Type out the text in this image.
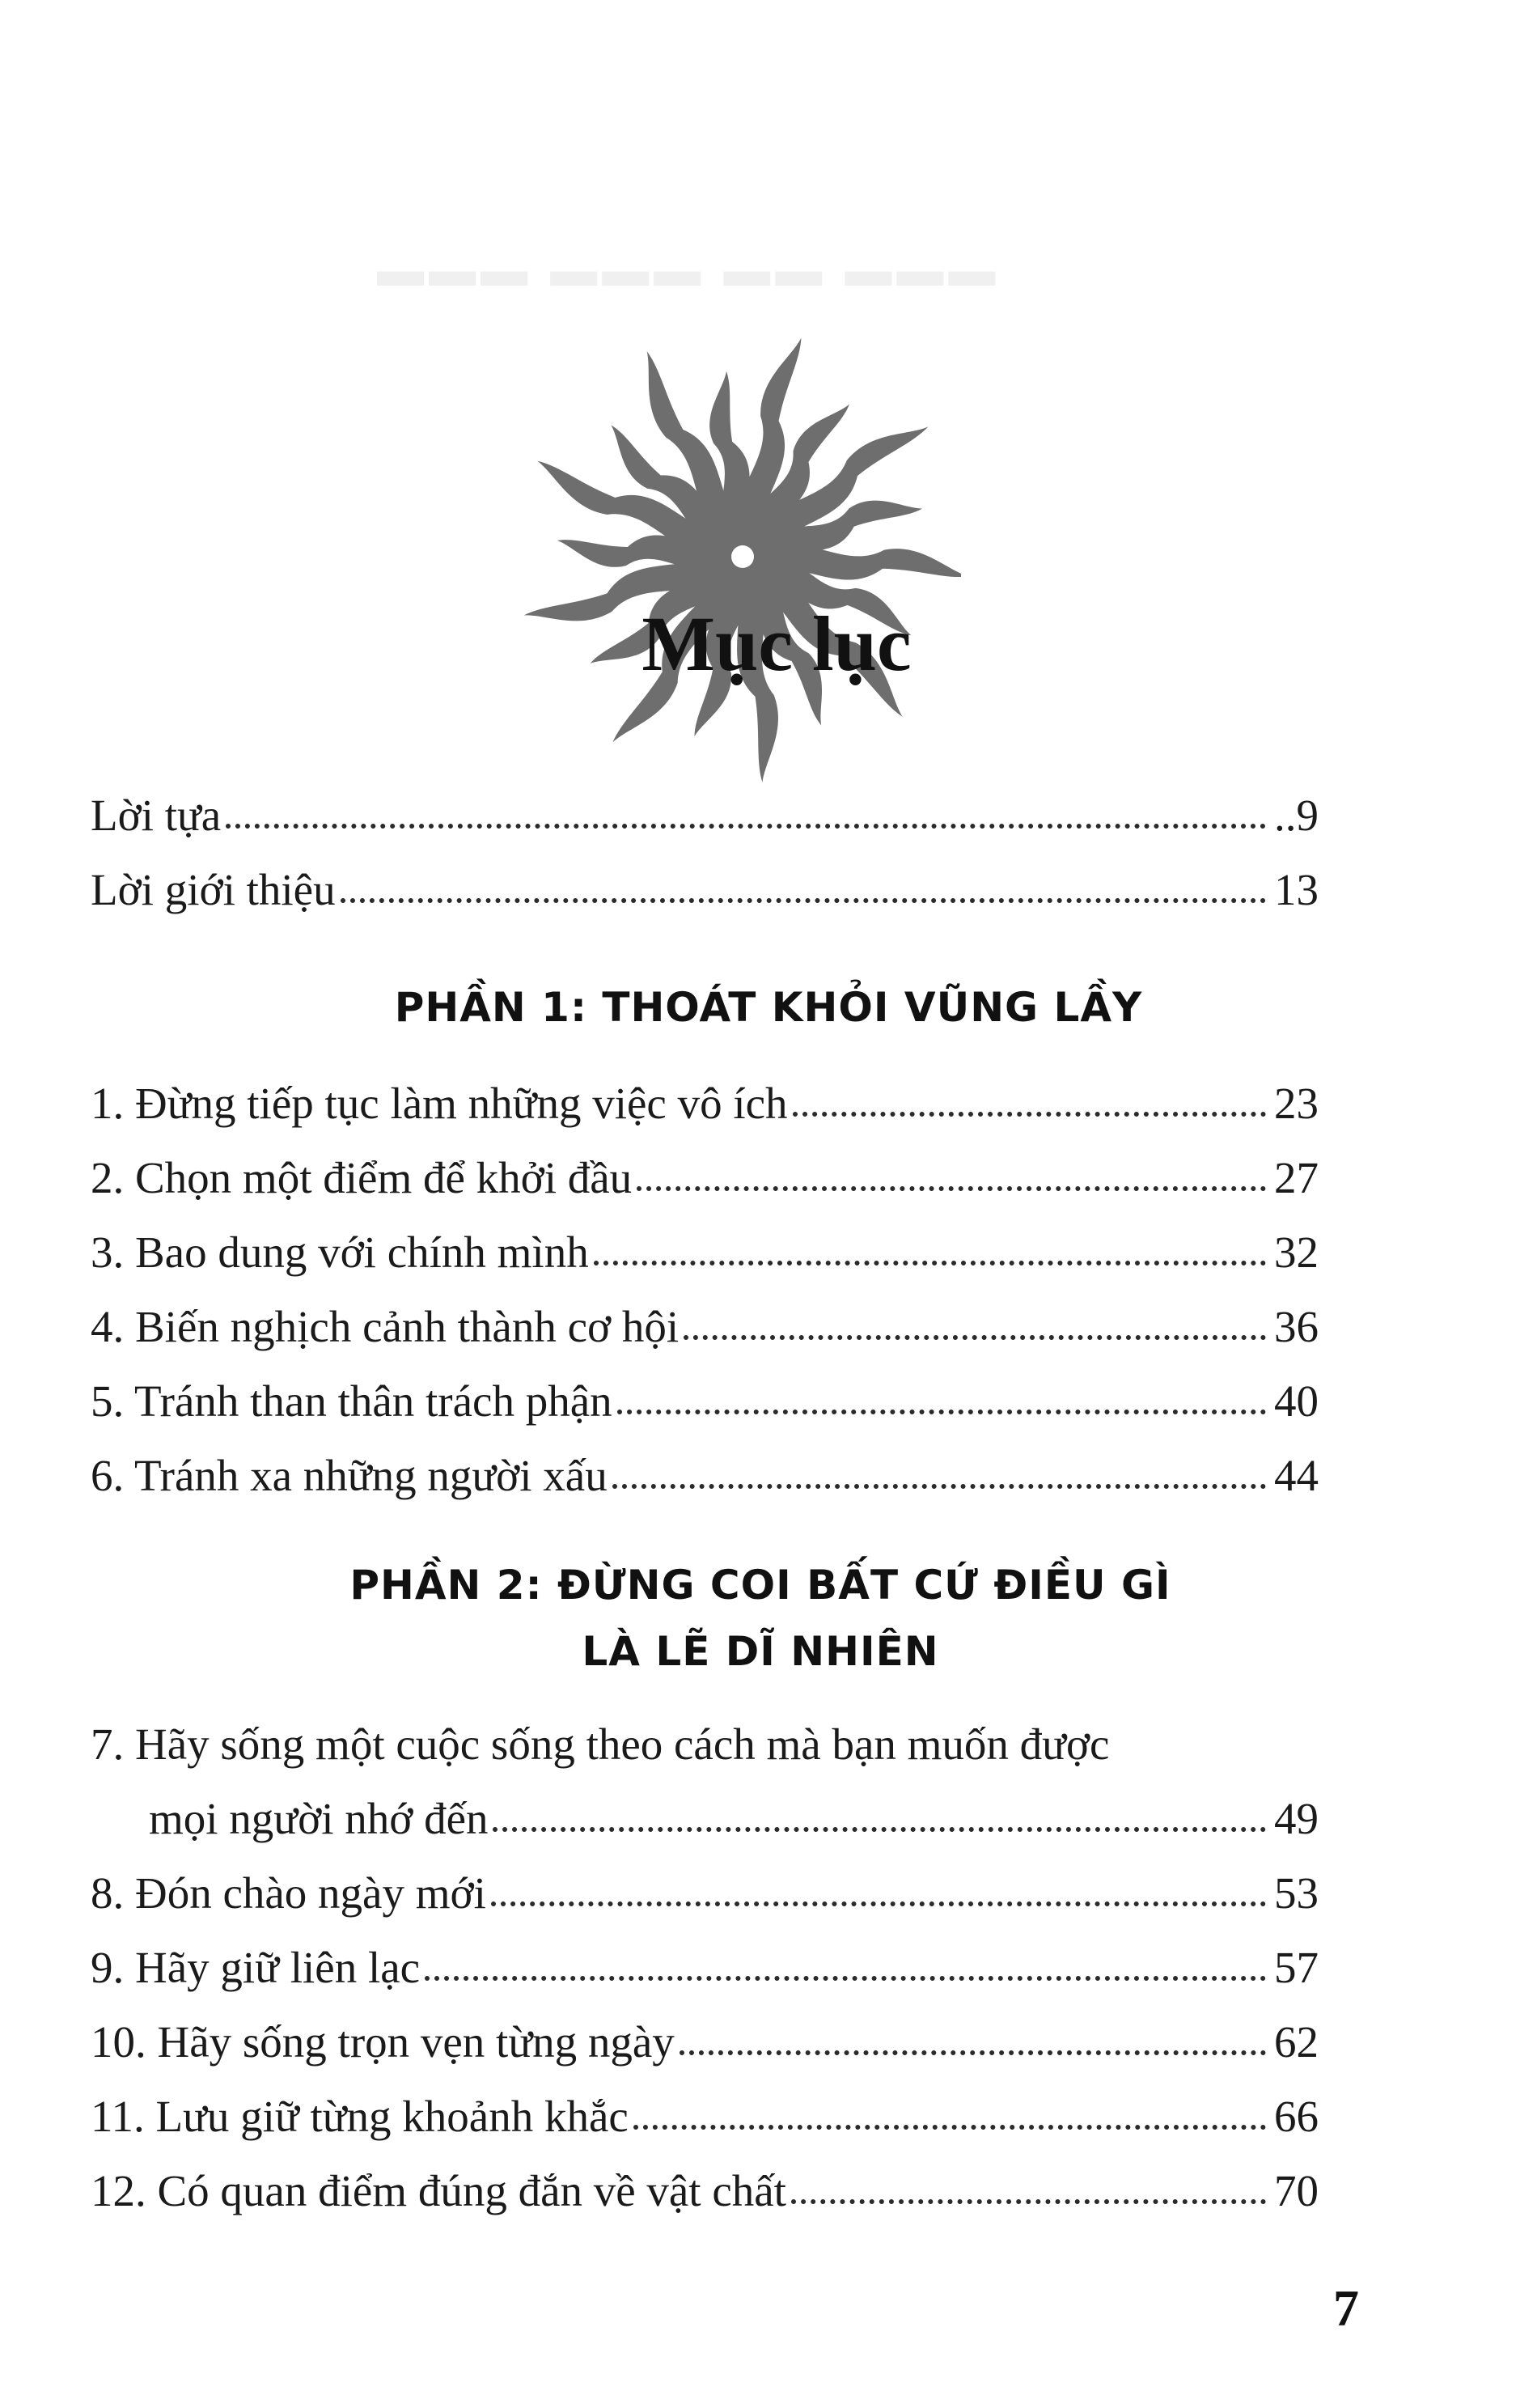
▬▬▬ ▬▬ ▬▬▬ ▬▬▬
Mục lục
Lời tựa	..9
Lời giới thiệu	13
1. Đừng tiếp tục làm những việc vô ích	23
2. Chọn một điểm để khởi đầu	27
3. Bao dung với chính mình	32
4. Biến nghịch cảnh thành cơ hội	36
5. Tránh than thân trách phận	40
6. Tránh xa những người xấu	44
7. Hãy sống một cuộc sống theo cách mà bạn muốn được
mọi người nhớ đến	49
8. Đón chào ngày mới	53
9. Hãy giữ liên lạc	57
10. Hãy sống trọn vẹn từng ngày	62
11. Lưu giữ từng khoảnh khắc	66
12. Có quan điểm đúng đắn về vật chất	70
PHẦN 1: THOÁT KHỎI VŨNG LẦY
PHẦN 2: ĐỪNG COI BẤT CỨ ĐIỀU GÌ
LÀ LẼ DĨ NHIÊN
7
